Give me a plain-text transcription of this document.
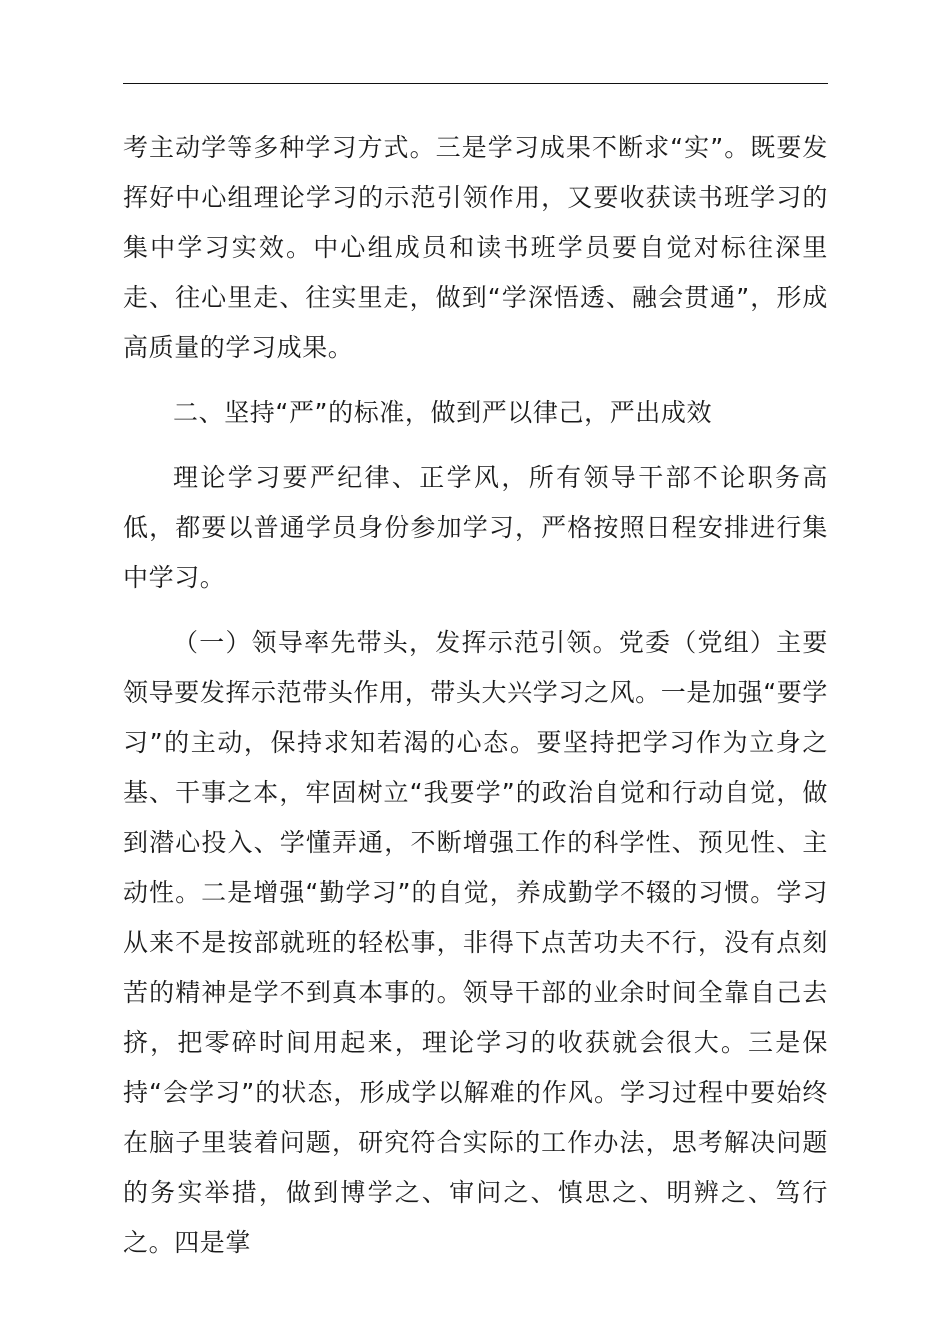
考主动学等多种学习方式。三是学习成果不断求“实”。既要发挥好中心组理论学习的示范引领作用，又要收获读书班学习的集中学习实效。中心组成员和读书班学员要自觉对标往深里走、往心里走、往实里走，做到“学深悟透、融会贯通”，形成高质量的学习成果。

二、坚持“严”的标准，做到严以律己，严出成效

理论学习要严纪律、正学风，所有领导干部不论职务高低，都要以普通学员身份参加学习，严格按照日程安排进行集中学习。

（一）领导率先带头，发挥示范引领。党委（党组）主要领导要发挥示范带头作用，带头大兴学习之风。一是加强“要学习”的主动，保持求知若渴的心态。要坚持把学习作为立身之基、干事之本，牢固树立“我要学”的政治自觉和行动自觉，做到潜心投入、学懂弄通，不断增强工作的科学性、预见性、主动性。二是增强“勤学习”的自觉，养成勤学不辍的习惯。学习从来不是按部就班的轻松事，非得下点苦功夫不行，没有点刻苦的精神是学不到真本事的。领导干部的业余时间全靠自己去挤，把零碎时间用起来，理论学习的收获就会很大。三是保持“会学习”的状态，形成学以解难的作风。学习过程中要始终在脑子里装着问题，研究符合实际的工作办法，思考解决问题的务实举措，做到博学之、审问之、慎思之、明辨之、笃行之。四是掌
